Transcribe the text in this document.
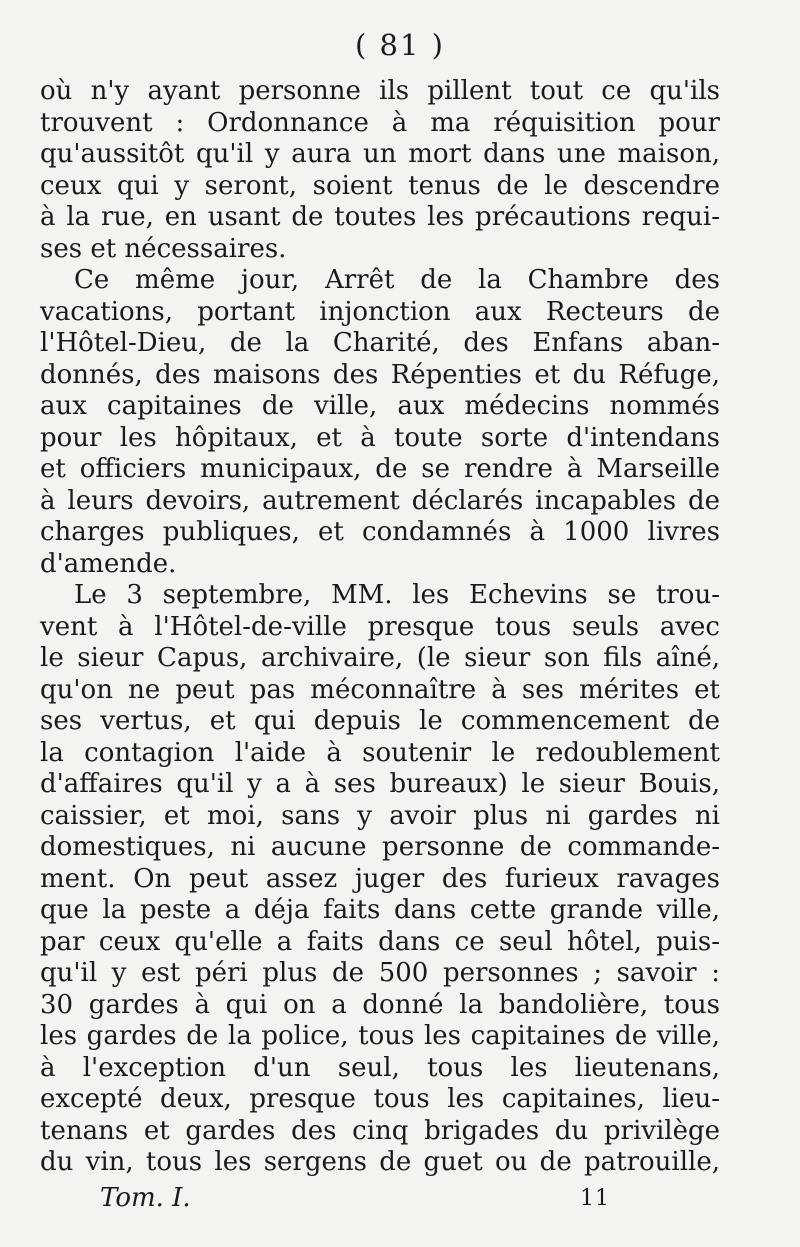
( 81 )
où n'y ayant personne ils pillent tout ce qu'ils
trouvent : Ordonnance à ma réquisition pour
qu'aussitôt qu'il y aura un mort dans une maison,
ceux qui y seront, soient tenus de le descendre
à la rue, en usant de toutes les précautions requi-
ses et nécessaires.
Ce même jour, Arrêt de la Chambre des
vacations, portant injonction aux Recteurs de
l'Hôtel-Dieu, de la Charité, des Enfans aban-
donnés, des maisons des Répenties et du Réfuge,
aux capitaines de ville, aux médecins nommés
pour les hôpitaux, et à toute sorte d'intendans
et officiers municipaux, de se rendre à Marseille
à leurs devoirs, autrement déclarés incapables de
charges publiques, et condamnés à 1000 livres
d'amende.
Le 3 septembre, MM. les Echevins se trou-
vent à l'Hôtel-de-ville presque tous seuls avec
le sieur Capus, archivaire, (le sieur son fils aîné,
qu'on ne peut pas méconnaître à ses mérites et
ses vertus, et qui depuis le commencement de
la contagion l'aide à soutenir le redoublement
d'affaires qu'il y a à ses bureaux) le sieur Bouis,
caissier, et moi, sans y avoir plus ni gardes ni
domestiques, ni aucune personne de commande-
ment. On peut assez juger des furieux ravages
que la peste a déja faits dans cette grande ville,
par ceux qu'elle a faits dans ce seul hôtel, puis-
qu'il y est péri plus de 500 personnes ; savoir :
30 gardes à qui on a donné la bandolière, tous
les gardes de la police, tous les capitaines de ville,
à l'exception d'un seul, tous les lieutenans,
excepté deux, presque tous les capitaines, lieu-
tenans et gardes des cinq brigades du privilège
du vin, tous les sergens de guet ou de patrouille,
Tom. I.	11
